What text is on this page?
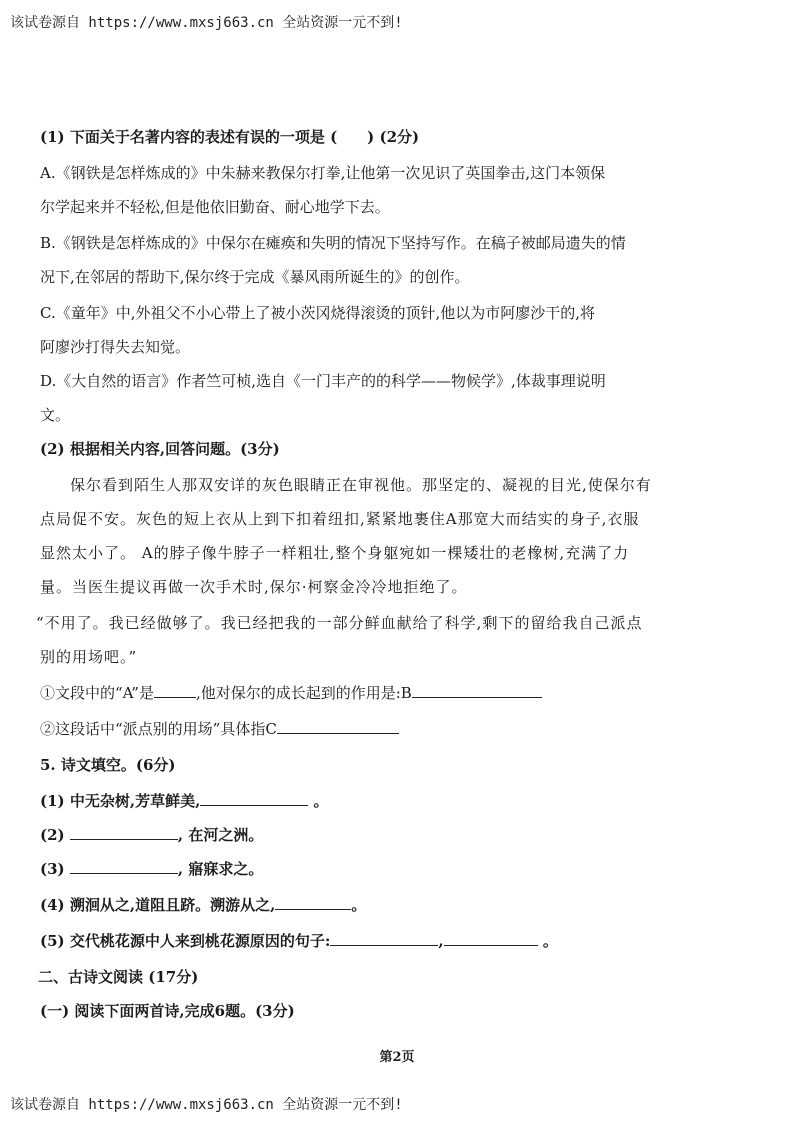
该试卷源自 https://www.mxsj663.cn 全站资源一元不到!
(1) 下面关于名著内容的表述有误的一项是 (　　) (2分)
A.《钢铁是怎样炼成的》中朱赫来教保尔打拳,让他第一次见识了英国拳击,这门本领保
尔学起来并不轻松,但是他依旧勤奋、耐心地学下去。
B.《钢铁是怎样炼成的》中保尔在瘫痪和失明的情况下坚持写作。在稿子被邮局遗失的情
况下,在邻居的帮助下,保尔终于完成《暴风雨所诞生的》的创作。
C.《童年》中,外祖父不小心带上了被小茨冈烧得滚烫的顶针,他以为市阿廖沙干的,将
阿廖沙打得失去知觉。
D.《大自然的语言》作者竺可桢,选自《一门丰产的的科学——物候学》,体裁事理说明
文。
(2) 根据相关内容,回答问题。(3分)
保尔看到陌生人那双安详的灰色眼睛正在审视他。那坚定的、凝视的目光,使保尔有
点局促不安。灰色的短上衣从上到下扣着纽扣,紧紧地裹住A那宽大而结实的身子,衣服
显然太小了。 A的脖子像牛脖子一样粗壮,整个身躯宛如一棵矮壮的老橡树,充满了力
量。当医生提议再做一次手术时,保尔·柯察金冷冷地拒绝了。
“不用了。我已经做够了。我已经把我的一部分鲜血献给了科学,剩下的留给我自己派点
别的用场吧。”
①文段中的“A”是	,他对保尔的成长起到的作用是:B
②这段话中“派点别的用场”具体指C
5. 诗文填空。(6分)
(1) 中无杂树,芳草鲜美,	。
(2)	, 在河之洲。
(3)	, 寤寐求之。
(4) 溯洄从之,道阻且跻。溯游从之,	。
(5) 交代桃花源中人来到桃花源原因的句子:	,	。
二、古诗文阅读 (17分)
(一) 阅读下面两首诗,完成6题。(3分)
第2页
该试卷源自 https://www.mxsj663.cn 全站资源一元不到!
